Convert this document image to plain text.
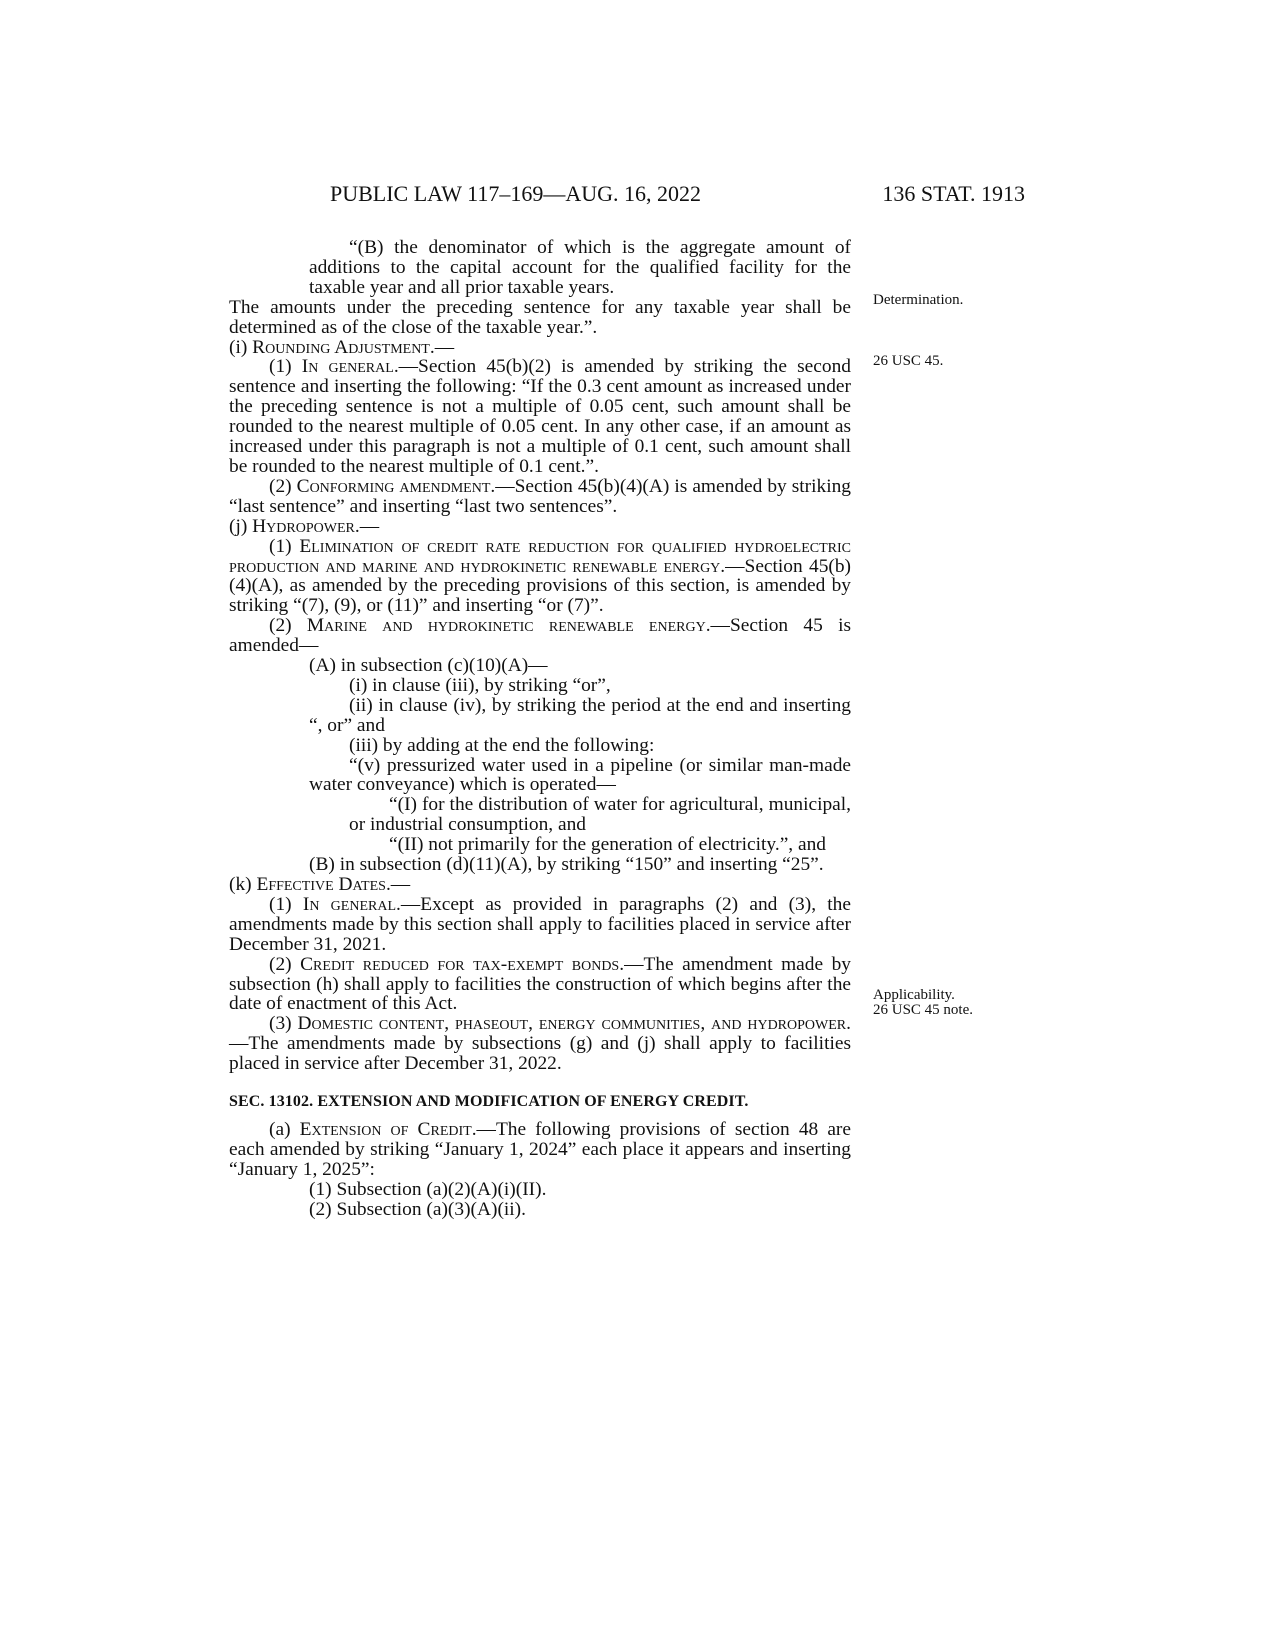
PUBLIC LAW 117–169—AUG. 16, 2022	136 STAT. 1913
Determination.
26 USC 45.
Applicability.
26 USC 45 note.
“(B) the denominator of which is the aggregate amount of additions to the capital account for the qualified facility for the taxable year and all prior taxable years.
The amounts under the preceding sentence for any taxable year shall be determined as of the close of the taxable year.”.
(i) Rounding Adjustment.—
(1) In general.—Section 45(b)(2) is amended by striking the second sentence and inserting the following: “If the 0.3 cent amount as increased under the preceding sentence is not a multiple of 0.05 cent, such amount shall be rounded to the nearest multiple of 0.05 cent. In any other case, if an amount as increased under this paragraph is not a multiple of 0.1 cent, such amount shall be rounded to the nearest multiple of 0.1 cent.”.
(2) Conforming amendment.—Section 45(b)(4)(A) is amended by striking “last sentence” and inserting “last two sentences”.
(j) Hydropower.—
(1) Elimination of credit rate reduction for qualified hydroelectric production and marine and hydrokinetic renewable energy.—Section 45(b)(4)(A), as amended by the preceding provisions of this section, is amended by striking “(7), (9), or (11)” and inserting “or (7)”.
(2) Marine and hydrokinetic renewable energy.—Section 45 is amended—
(A) in subsection (c)(10)(A)—
(i) in clause (iii), by striking “or”,
(ii) in clause (iv), by striking the period at the end and inserting “, or” and
(iii) by adding at the end the following:
“(v) pressurized water used in a pipeline (or similar man-made water conveyance) which is operated—
“(I) for the distribution of water for agricultural, municipal, or industrial consumption, and
“(II) not primarily for the generation of electricity.”, and
(B) in subsection (d)(11)(A), by striking “150” and inserting “25”.
(k) Effective Dates.—
(1) In general.—Except as provided in paragraphs (2) and (3), the amendments made by this section shall apply to facilities placed in service after December 31, 2021.
(2) Credit reduced for tax-exempt bonds.—The amendment made by subsection (h) shall apply to facilities the construction of which begins after the date of enactment of this Act.
(3) Domestic content, phaseout, energy communities, and hydropower.—The amendments made by subsections (g) and (j) shall apply to facilities placed in service after December 31, 2022.
SEC. 13102. EXTENSION AND MODIFICATION OF ENERGY CREDIT.
(a) Extension of Credit.—The following provisions of section 48 are each amended by striking “January 1, 2024” each place it appears and inserting “January 1, 2025”:
(1) Subsection (a)(2)(A)(i)(II).
(2) Subsection (a)(3)(A)(ii).
